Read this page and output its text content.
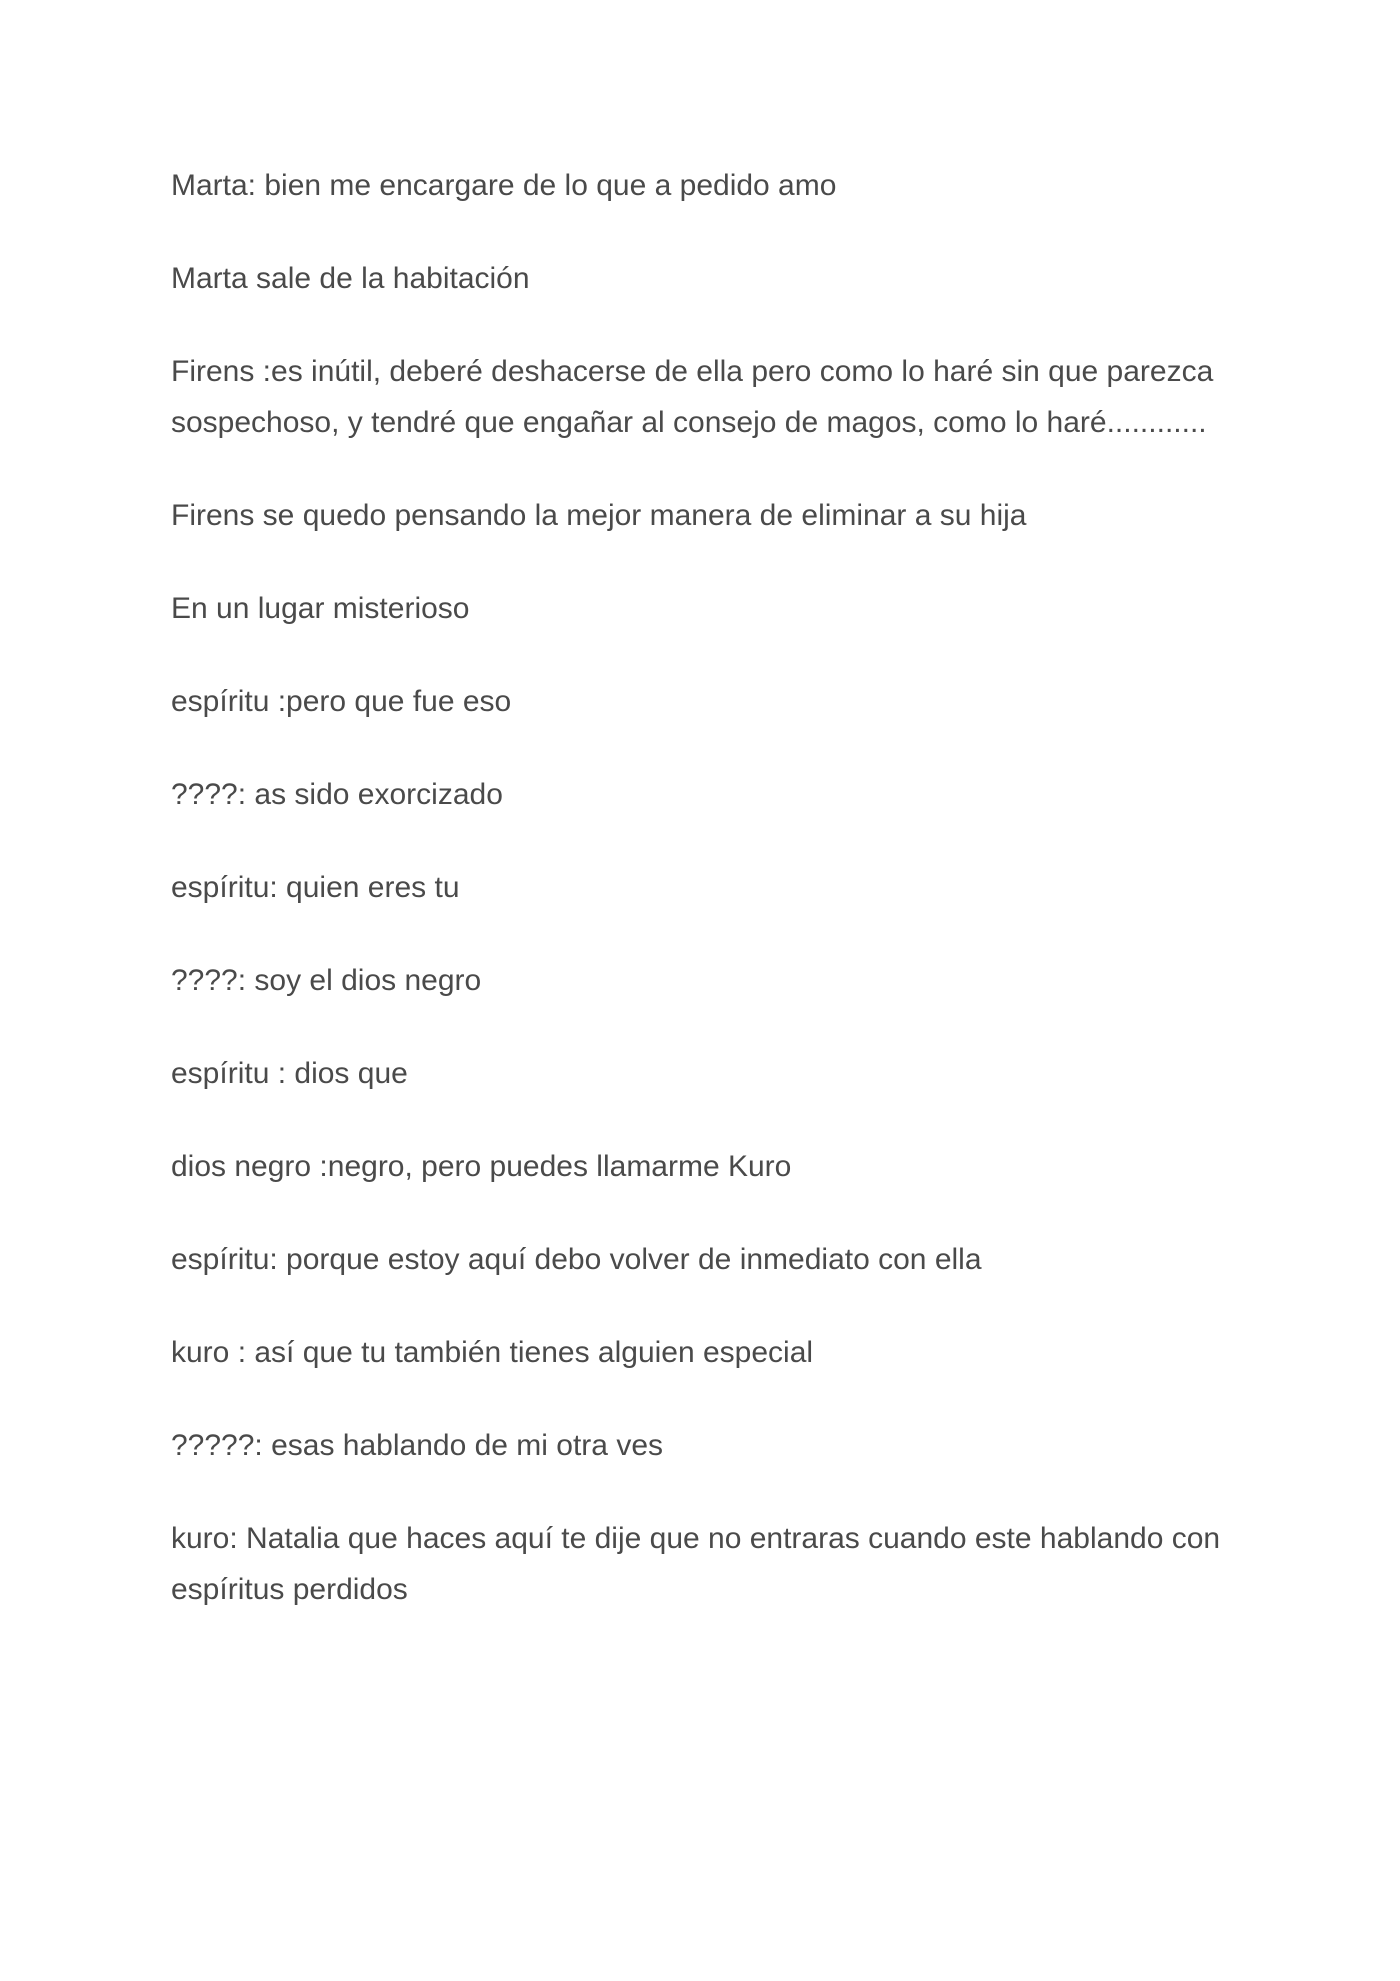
Marta: bien me encargare de lo que a pedido amo

Marta sale de la habitación

Firens :es inútil, deberé deshacerse de ella pero como lo haré sin que parezca sospechoso, y tendré que engañar al consejo de magos, como lo haré............

Firens se quedo pensando la mejor manera de eliminar a su hija

En un lugar misterioso

espíritu :pero que fue eso

????: as sido exorcizado

espíritu: quien eres tu

????: soy el dios negro

espíritu : dios que

dios negro :negro, pero puedes llamarme Kuro

espíritu: porque estoy aquí debo volver de inmediato con ella

kuro : así que tu también tienes alguien especial

?????: esas hablando de mi otra ves

kuro: Natalia que haces aquí te dije que no entraras cuando este hablando con espíritus perdidos
